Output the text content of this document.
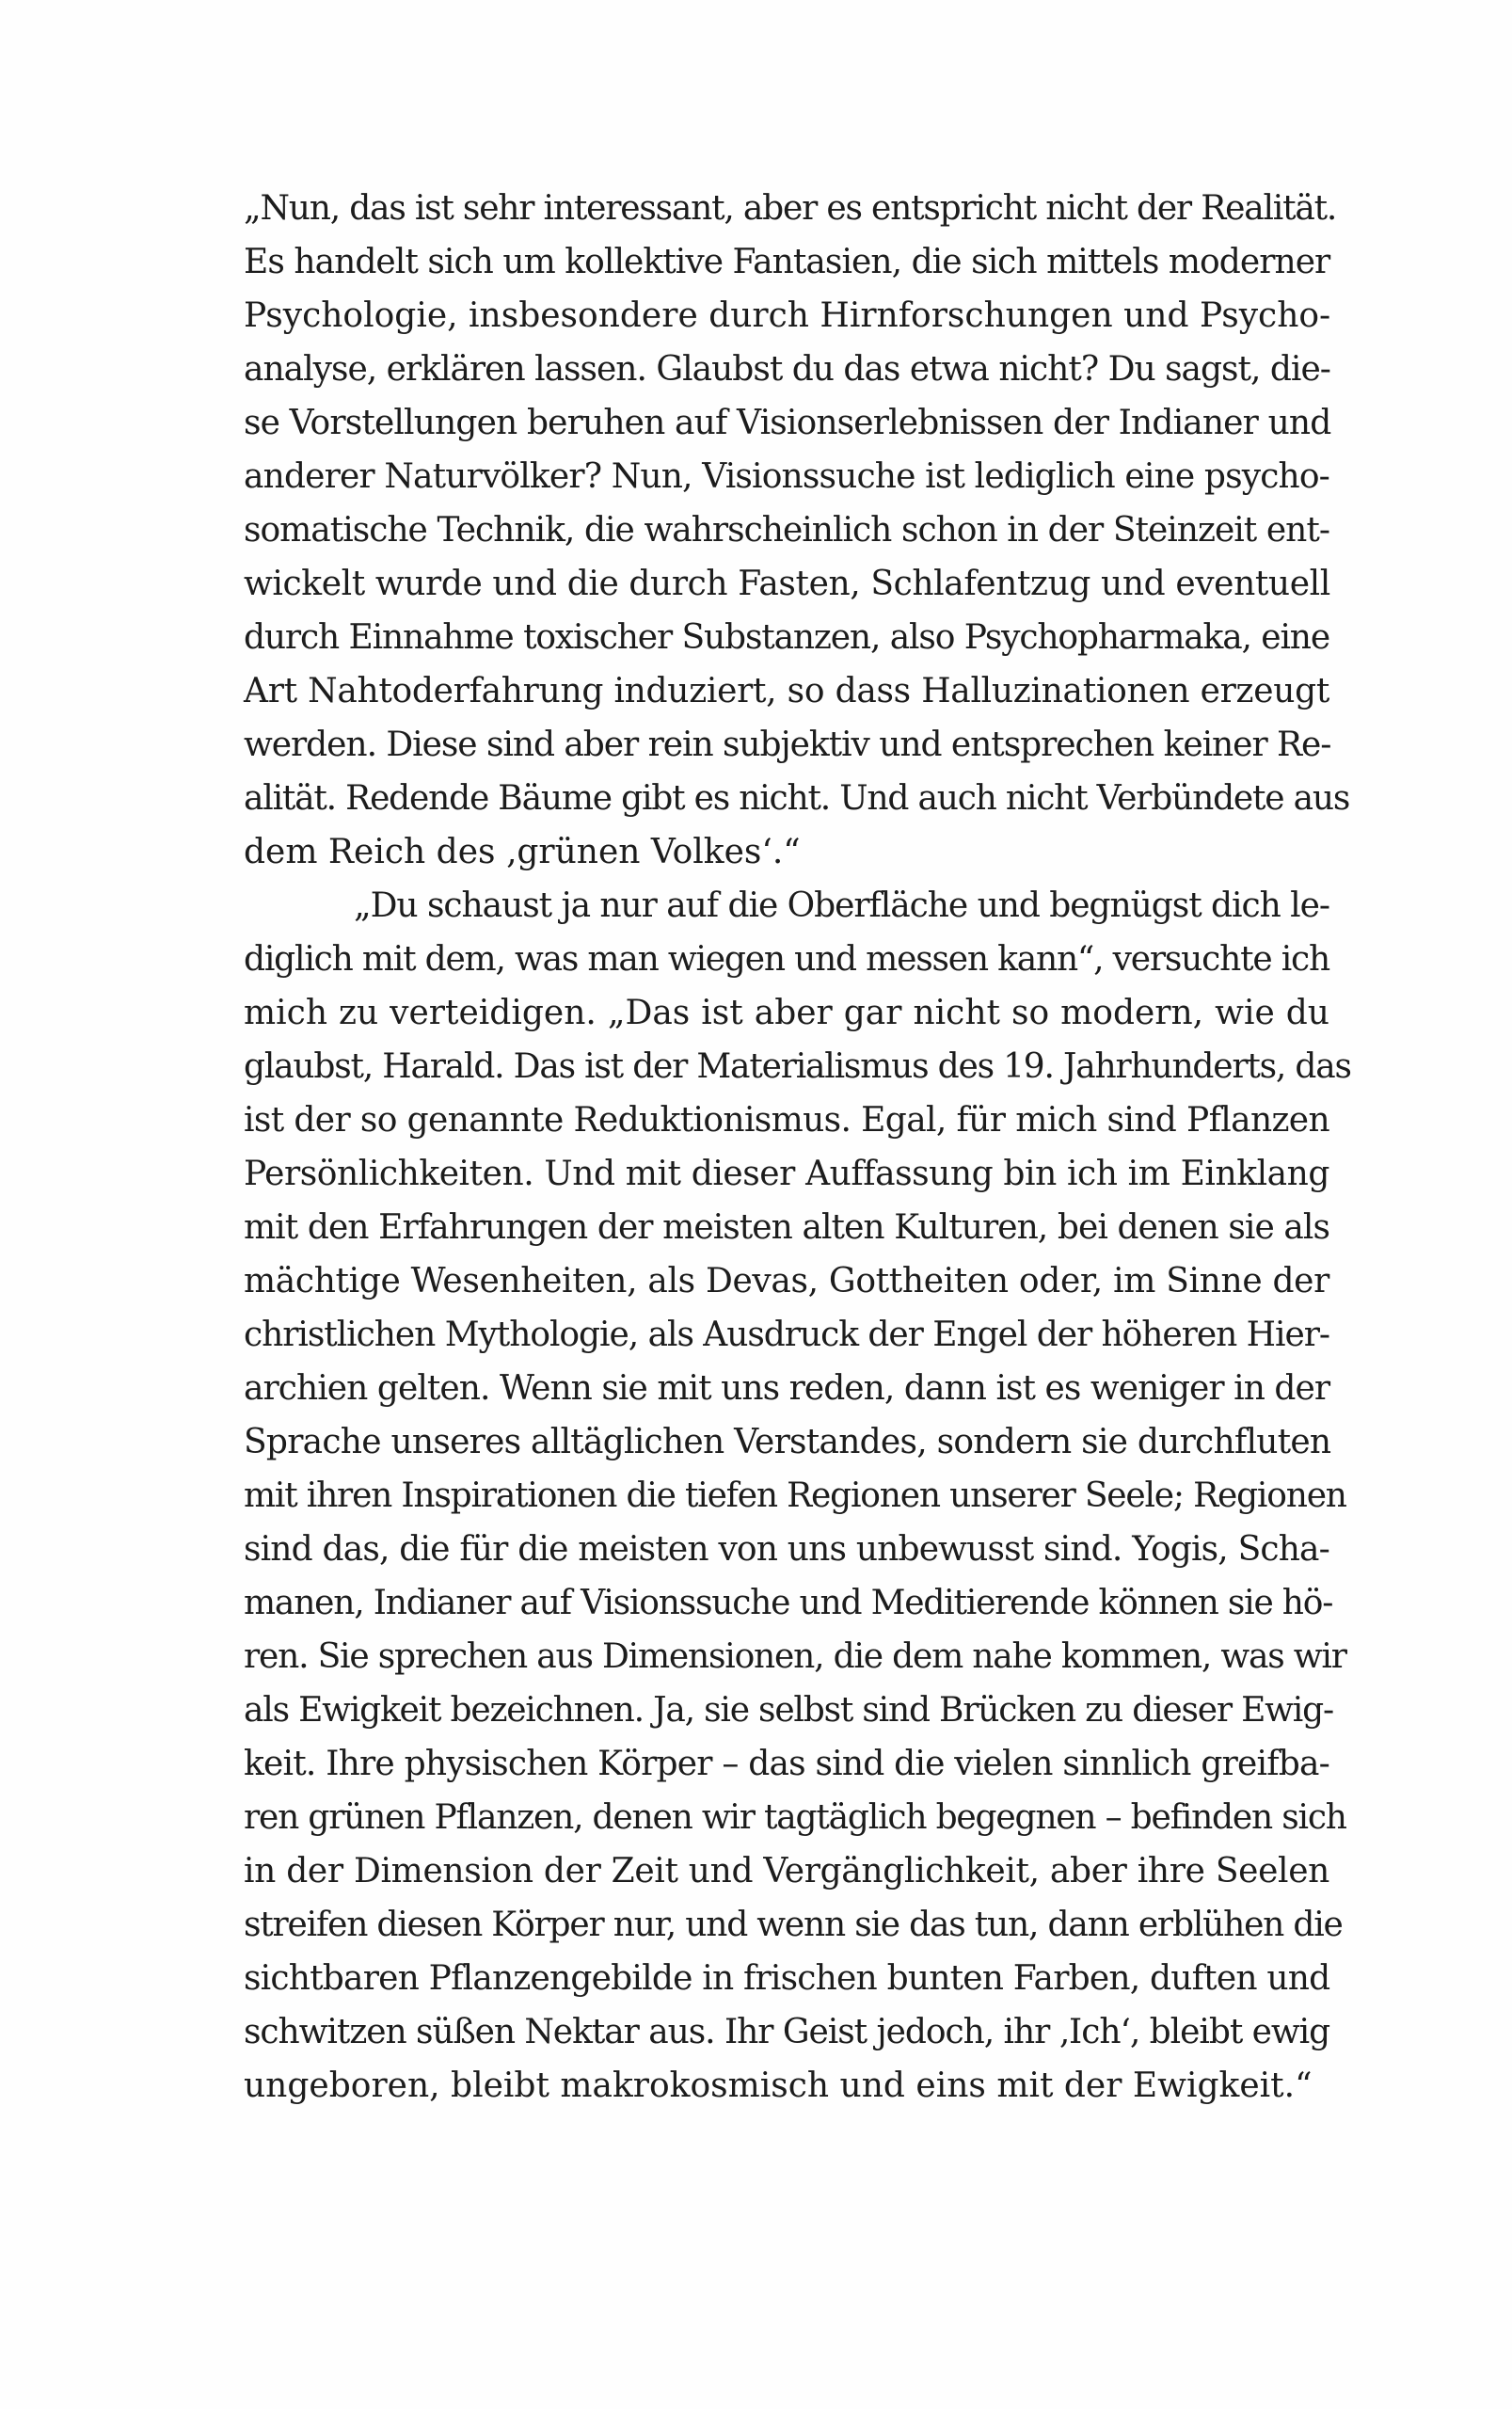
„Nun, das ist sehr interessant, aber es entspricht nicht der Realität.
Es handelt sich um kollektive Fantasien, die sich mittels moderner
Psychologie, insbesondere durch Hirnforschungen und Psycho-
analyse, erklären lassen. Glaubst du das etwa nicht? Du sagst, die-
se Vorstellungen beruhen auf Visionserlebnissen der Indianer und
anderer Naturvölker? Nun, Visionssuche ist lediglich eine psycho-
somatische Technik, die wahrscheinlich schon in der Steinzeit ent-
wickelt wurde und die durch Fasten, Schlafentzug und eventuell
durch Einnahme toxischer Substanzen, also Psychopharmaka, eine
Art Nahtoderfahrung induziert, so dass Halluzinationen erzeugt
werden. Diese sind aber rein subjektiv und entsprechen keiner Re-
alität. Redende Bäume gibt es nicht. Und auch nicht Verbündete aus
dem Reich des ‚grünen Volkes‘.“
„Du schaust ja nur auf die Oberfläche und begnügst dich le-
diglich mit dem, was man wiegen und messen kann“, versuchte ich
mich zu verteidigen. „Das ist aber gar nicht so modern, wie du
glaubst, Harald. Das ist der Materialismus des 19. Jahrhunderts, das
ist der so genannte Reduktionismus. Egal, für mich sind Pflanzen
Persönlichkeiten. Und mit dieser Auffassung bin ich im Einklang
mit den Erfahrungen der meisten alten Kulturen, bei denen sie als
mächtige Wesenheiten, als Devas, Gottheiten oder, im Sinne der
christlichen Mythologie, als Ausdruck der Engel der höheren Hier-
archien gelten. Wenn sie mit uns reden, dann ist es weniger in der
Sprache unseres alltäglichen Verstandes, sondern sie durchfluten
mit ihren Inspirationen die tiefen Regionen unserer Seele; Regionen
sind das, die für die meisten von uns unbewusst sind. Yogis, Scha-
manen, Indianer auf Visionssuche und Meditierende können sie hö-
ren. Sie sprechen aus Dimensionen, die dem nahe kommen, was wir
als Ewigkeit bezeichnen. Ja, sie selbst sind Brücken zu dieser Ewig-
keit. Ihre physischen Körper – das sind die vielen sinnlich greifba-
ren grünen Pflanzen, denen wir tagtäglich begegnen – befinden sich
in der Dimension der Zeit und Vergänglichkeit, aber ihre Seelen
streifen diesen Körper nur, und wenn sie das tun, dann erblühen die
sichtbaren Pflanzengebilde in frischen bunten Farben, duften und
schwitzen süßen Nektar aus. Ihr Geist jedoch, ihr ‚Ich‘, bleibt ewig
ungeboren, bleibt makrokosmisch und eins mit der Ewigkeit.“
